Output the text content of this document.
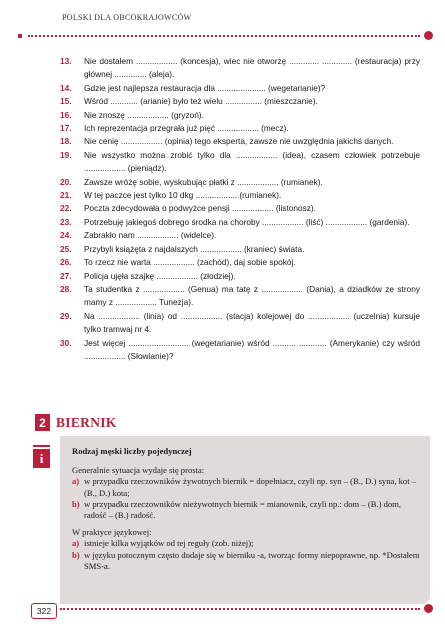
POLSKI DLA OBCOKRAJOWCÓW
13. Nie dostałem .................. (koncesja), wiec nie otworzę ............. ............. (restauracja) przy głównej .............. (aleja).
14. Gdzie jest najlepsza restauracja dla ..................... (wegetarianie)?
15. Wśród ............ (arianie) było też wielu ................ (mieszczanie).
16. Nie znoszę .................. (gryzoń).
17. Ich reprezentacja przegrała już pięć .................. (mecz).
18. Nie cenię .................. (opinia) tego eksperta, zawsze nie uwzględnia jakichś danych.
19. Nie wszystko można zrobić tylko dla .................. (idea), czasem człowiek potrzebuje .................. (pieniądz).
20. Zawsze wróżę sobie, wyskubując płatki z .................. (rumianek).
21. W tej paczce jest tylko 10 dkg .................. (rumianek).
22. Poczta zdecydowała o podwyżce pensji .................. (listonosz).
23. Potrzebuję jakiegoś dobrego środka na choroby .................. (liść) .................. (gardenia).
24. Zabrakło nam .................. (widelce).
25. Przybyli książęta z najdalszych .................. (kraniec) świata.
26. To rzecz nie warta .................. (zachód), daj sobie spokój.
27. Policja ujęła szajkę .................. (złodziej).
28. Ta studentka z .................. (Genua) ma tatę z .................. (Dania), a dziadków ze strony mamy z .................. Tunezja).
29. Na .................. (linia) od .................. (stacja) kolejowej do .................. (uczelnia) kursuje tylko tramwaj nr 4.
30. Jest więcej .......................... (wegetarianie) wśród .......... ............ (Amerykanie) czy wśród .................. (Słowianie)?
2 BIERNIK
i	Rodzaj męski liczby pojedynczej
Generalnie sytuacja wydaje się prosta:
a) w przypadku rzeczowników żywotnych biernik = dopełniacz, czyli np. syn – (B., D.) syna, kot – (B., D.) kota;
b) w przypadku rzeczowników nieżywotnych biernik = mianownik, czyli np.: dom – (B.) dom, radość – (B.) radość.
W praktyce językowej:
a) istnieje kilka wyjątków od tej reguły (zob. niżej);
b) w języku potocznym często dodaje się w bierniku -a, tworząc formy niepoprawne, np. *Dostałem SMS-a.
322
